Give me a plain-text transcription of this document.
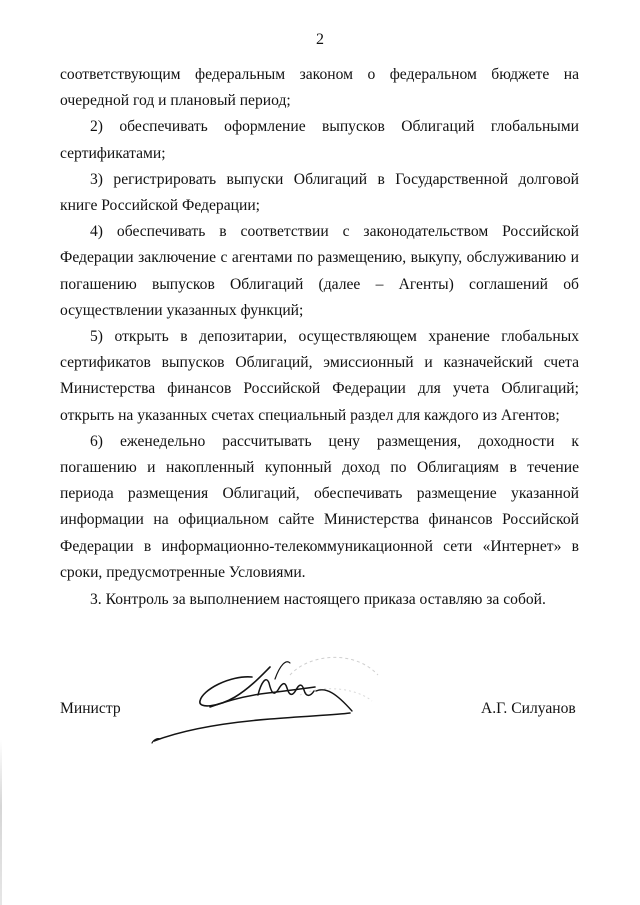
2

соответствующим федеральным законом о федеральном бюджете на очередной год и плановый период;

2) обеспечивать оформление выпусков Облигаций глобальными сертификатами;

3) регистрировать выпуски Облигаций в Государственной долговой книге Российской Федерации;

4) обеспечивать в соответствии с законодательством Российской Федерации заключение с агентами по размещению, выкупу, обслуживанию и погашению выпусков Облигаций (далее – Агенты) соглашений об осуществлении указанных функций;

5) открыть в депозитарии, осуществляющем хранение глобальных сертификатов выпусков Облигаций, эмиссионный и казначейский счета Министерства финансов Российской Федерации для учета Облигаций; открыть на указанных счетах специальный раздел для каждого из Агентов;

6) еженедельно рассчитывать цену размещения, доходности к погашению и накопленный купонный доход по Облигациям в течение периода размещения Облигаций, обеспечивать размещение указанной информации на официальном сайте Министерства финансов Российской Федерации в информационно-телекоммуникационной сети «Интернет» в сроки, предусмотренные Условиями.

3. Контроль за выполнением настоящего приказа оставляю за собой.

Министр	А.Г. Силуанов
